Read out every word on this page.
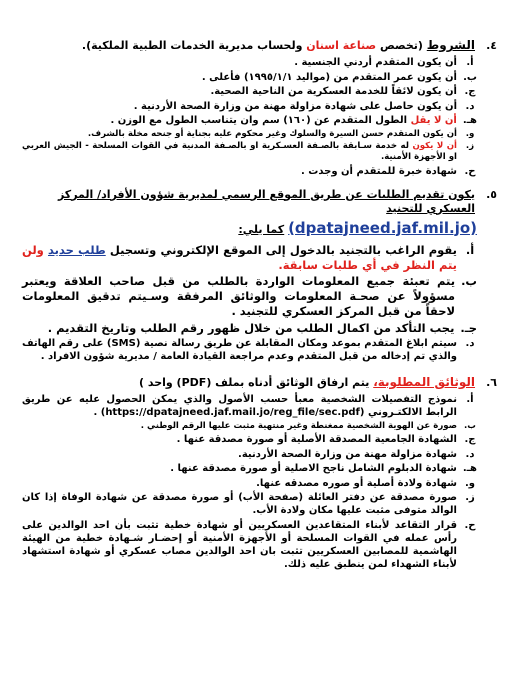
٤.
الشروط (تخصص صناعة اسنان ولحساب مديرية الخدمات الطبية الملكية).
أ.
أن يكون المتقدم أردني الجنسية .
ب.
أن يكون عمر المتقدم من (مواليد ١٩٩٥/١/١) فأعلى .
ج.
أن يكون لائقاً للخدمة العسكرية من الناحية الصحية.
د.
أن يكون حاصل على شهادة مزاولة مهنة من وزارة الصحة الأردنية .
هـ.
أن لا يقل الطول المتقدم عن (١٦٠) سم وان يتناسب الطول مع الوزن .
و.
أن يكون المتقدم حسن السيرة والسلوك وغير محكوم عليه بجناية أو جنحه مخلة بالشرف.
ز.
أن لا يكون له خدمة سـابقة بالصـفة العسـكرية او بالصـفة المدنية في القوات المسلحة - الجيش العربي او الأجهزة الأمنية.
ح.
شهادة خبرة للمتقدم أن وجدت .
٥.
يكون تقديم الطلبات عن طريق الموقع الرسمي لمديرية شؤون الأفراد/ المركز العسكري للتجنيد
(dpatajneed.jaf.mil.jo) كما يلي:
أ.
يقوم الراغب بالتجنيد بالدخول إلى الموقع الإلكتروني وتسجيل طلب جديد ولن يتم النظر في أي طلبات سابقة.
ب.
يتم تعبئة جميع المعلومات الواردة بالطلب من قبل صاحب العلاقة ويعتبر مسؤولاً عن صحـة المعلومات والوثائق المرفقة وسـيتم تدقيق المعلومات لاحقاً من قبل المركز العسكري للتجنيد .
جـ.
يجب التأكد من اكمال الطلب من خلال ظهور رقم الطلب وتاريخ التقديم .
د.
سيتم ابلاغ المتقدم بموعد ومكان المقابلة عن طريق رسالة نصية (SMS) على رقم الهاتف والذي تم إدخاله من قبل المتقدم وعدم مراجعة القيادة العامة / مديرية شؤون الافراد .
٦.
الوثائق المطلوبة، يتم ارفاق الوثائق أدناه بملف (PDF) واحد )
أ.
نموذج التفصيلات الشخصية معبأ حسب الأصول والذي يمكن الحصول عليه عن طريق الرابط الالكتـروني (https://dpatajneed.jaf.mail.jo/reg_file/sec.pdf) .
ب.
صورة عن الهوية الشخصية ممغنطة وغير منتهية مثبت عليها الرقم الوطني .
ج.
الشهادة الجامعية المصدقة الأصلية أو صورة مصدقة عنها .
د.
شهادة مزاولة مهنة من وزارة الصحة الأردنية.
هـ.
شهادة الدبلوم الشامل ناجح الاصلية أو صورة مصدقة عنها .
و.
شهادة ولادة أصلية أو صوره مصدقه عنها.
ز.
صورة مصدقة عن دفتر العائلة (صفحة الأب) أو صورة مصدقة عن شهادة الوفاة إذا كان الوالد متوفى مثبت عليها مكان ولادة الأب.
ح.
قرار التقاعد لأبناء المتقاعدين العسكريين أو شهادة خطية تثبت بأن احد الوالدين على رأس عمله في القوات المسلحة أو الأجهزة الأمنية أو إحضـار شـهادة خطية من الهيئة الهاشمية للمصابين العسكريين تثبت بان احد الوالدين مصاب عسكري أو شهادة استشهاد لأبناء الشهداء لمن ينطبق عليه ذلك.
